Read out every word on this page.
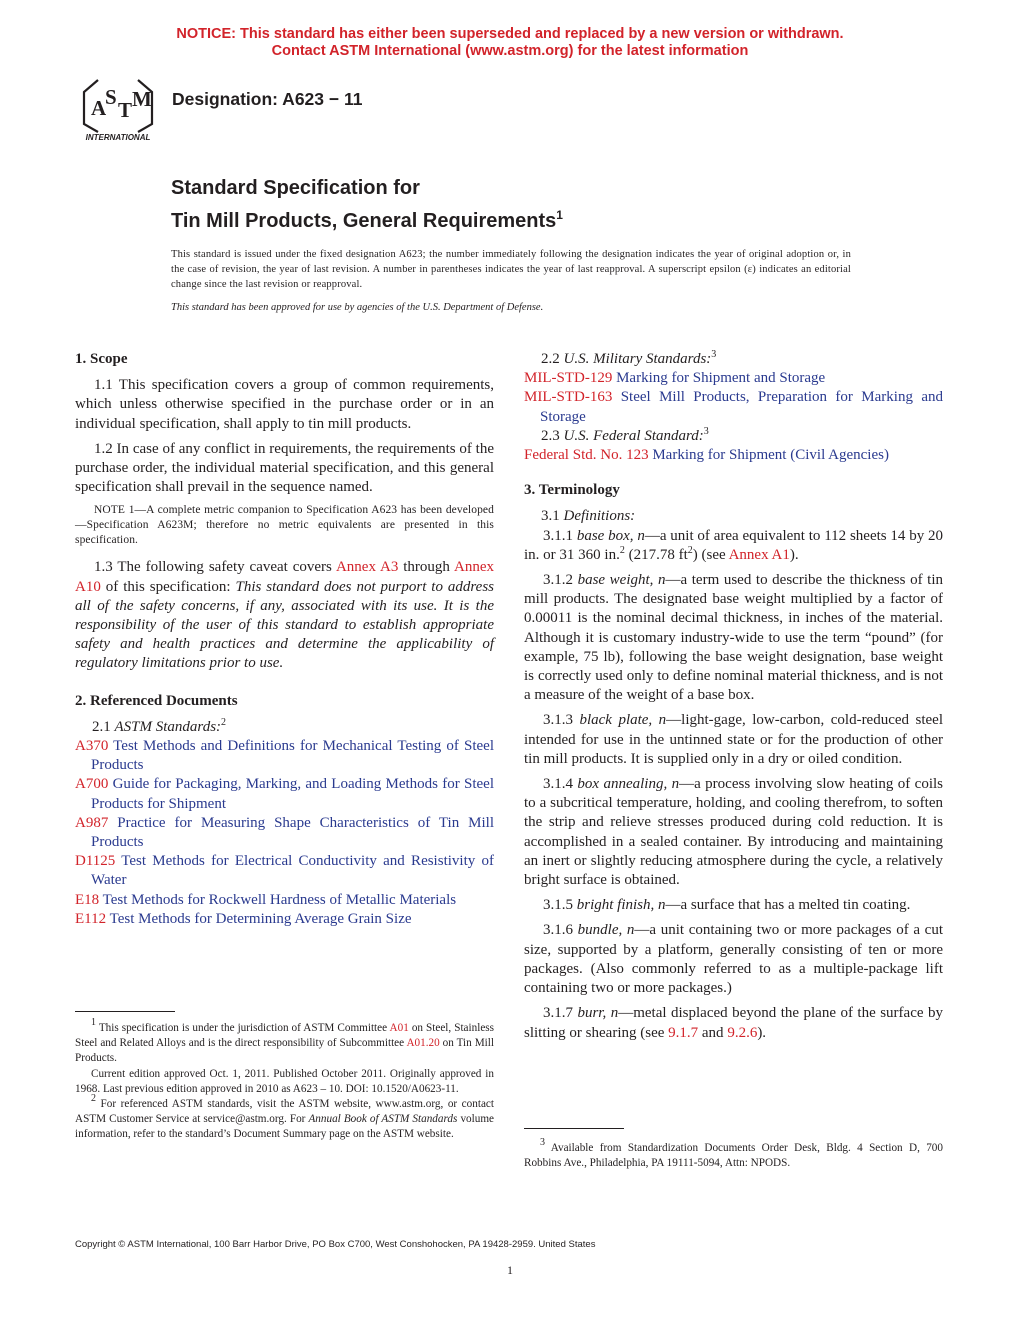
NOTICE: This standard has either been superseded and replaced by a new version or withdrawn.
Contact ASTM International (www.astm.org) for the latest information
A
S
T M
INTERNATIONAL
Designation: A623 − 11
Standard Specification for
Tin Mill Products, General Requirements$^1$
This standard is issued under the fixed designation A623; the number immediately following the designation indicates the year of original adoption or, in the case of revision, the year of last revision. A number in parentheses indicates the year of last reapproval. A superscript epsilon (ε) indicates an editorial change since the last revision or reapproval.
This standard has been approved for use by agencies of the U.S. Department of Defense.

1. Scope

1.1 This specification covers a group of common requirements, which unless otherwise specified in the purchase order or in an individual specification, shall apply to tin mill products.

1.2 In case of any conflict in requirements, the requirements of the purchase order, the individual material specification, and this general specification shall prevail in the sequence named.

NOTE 1—A complete metric companion to Specification A623 has been developed—Specification A623M; therefore no metric equivalents are presented in this specification.

1.3 The following safety caveat covers Annex A3 through Annex A10 of this specification: This standard does not purport to address all of the safety concerns, if any, associated with its use. It is the responsibility of the user of this standard to establish appropriate safety and health practices and determine the applicability of regulatory limitations prior to use.

2. Referenced Documents

2.1 ASTM Standards:$^2$

A370 Test Methods and Definitions for Mechanical Testing of Steel Products

A700 Guide for Packaging, Marking, and Loading Methods for Steel Products for Shipment

A987 Practice for Measuring Shape Characteristics of Tin Mill Products

D1125 Test Methods for Electrical Conductivity and Resistivity of Water

E18 Test Methods for Rockwell Hardness of Metallic Materials

E112 Test Methods for Determining Average Grain Size

$^1$ This specification is under the jurisdiction of ASTM Committee A01 on Steel, Stainless Steel and Related Alloys and is the direct responsibility of Subcommittee A01.20 on Tin Mill Products.

Current edition approved Oct. 1, 2011. Published October 2011. Originally approved in 1968. Last previous edition approved in 2010 as A623 – 10. DOI: 10.1520/A0623-11.

$^2$ For referenced ASTM standards, visit the ASTM website, www.astm.org, or contact ASTM Customer Service at service@astm.org. For Annual Book of ASTM Standards volume information, refer to the standard’s Document Summary page on the ASTM website.

2.2 U.S. Military Standards:$^3$

MIL-STD-129 Marking for Shipment and Storage

MIL-STD-163 Steel Mill Products, Preparation for Marking and Storage

2.3 U.S. Federal Standard:$^3$

Federal Std. No. 123 Marking for Shipment (Civil Agencies)

3. Terminology

3.1 Definitions:

3.1.1 base box, n—a unit of area equivalent to 112 sheets 14 by 20 in. or 31 360 in.$^2$ (217.78 $ft^2$) (see Annex A1).

3.1.2 base weight, n—a term used to describe the thickness of tin mill products. The designated base weight multiplied by a factor of 0.00011 is the nominal decimal thickness, in inches of the material. Although it is customary industry-wide to use the term “pound” (for example, 75 lb), following the base weight designation, base weight is correctly used only to define nominal material thickness, and is not a measure of the weight of a base box.

3.1.3 black plate, n—light-gage, low-carbon, cold-reduced steel intended for use in the untinned state or for the production of other tin mill products. It is supplied only in a dry or oiled condition.

3.1.4 box annealing, n—a process involving slow heating of coils to a subcritical temperature, holding, and cooling therefrom, to soften the strip and relieve stresses produced during cold reduction. It is accomplished in a sealed container. By introducing and maintaining an inert or slightly reducing atmosphere during the cycle, a relatively bright surface is obtained.

3.1.5 bright finish, n—a surface that has a melted tin coating.

3.1.6 bundle, n—a unit containing two or more packages of a cut size, supported by a platform, generally consisting of ten or more packages. (Also commonly referred to as a multiple-package lift containing two or more packages.)

3.1.7 burr, n—metal displaced beyond the plane of the surface by slitting or shearing (see 9.1.7 and 9.2.6).

$^3$ Available from Standardization Documents Order Desk, Bldg. 4 Section D, 700 Robbins Ave., Philadelphia, PA 19111-5094, Attn: NPODS.

Copyright © ASTM International, 100 Barr Harbor Drive, PO Box C700, West Conshohocken, PA 19428-2959. United States
1
